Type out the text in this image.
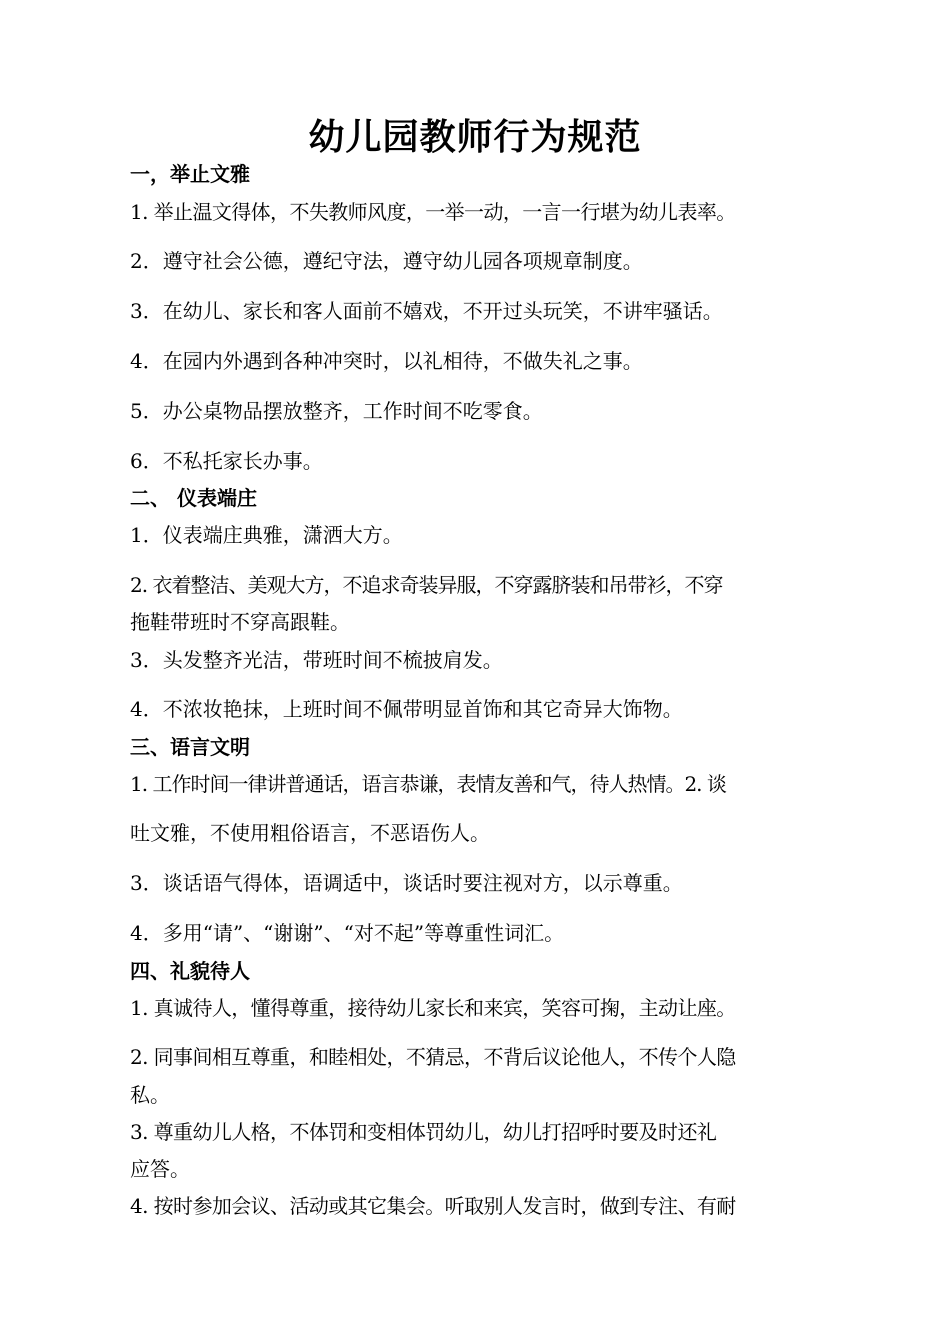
幼儿园教师行为规范
一，举止文雅
1. 举止温文得体，不失教师风度，一举一动，一言一行堪为幼儿表率。
2．遵守社会公德，遵纪守法，遵守幼儿园各项规章制度。
3．在幼儿、家长和客人面前不嬉戏，不开过头玩笑，不讲牢骚话。
4．在园内外遇到各种冲突时，以礼相待，不做失礼之事。
5．办公桌物品摆放整齐，工作时间不吃零食。
6．不私托家长办事。
二、 仪表端庄
1．仪表端庄典雅，潇洒大方。
2. 衣着整洁、美观大方，不追求奇装异服，不穿露脐装和吊带衫，不穿
拖鞋带班时不穿高跟鞋。
3．头发整齐光洁，带班时间不梳披肩发。
4．不浓妆艳抹，上班时间不佩带明显首饰和其它奇异大饰物。
三、语言文明
1. 工作时间一律讲普通话，语言恭谦，表情友善和气，待人热情。2. 谈
吐文雅，不使用粗俗语言，不恶语伤人。
3．谈话语气得体，语调适中，谈话时要注视对方，以示尊重。
4．多用“请”、“谢谢”、“对不起”等尊重性词汇。
四、礼貌待人
1. 真诚待人，懂得尊重，接待幼儿家长和来宾，笑容可掬，主动让座。
2. 同事间相互尊重，和睦相处，不猜忌，不背后议论他人，不传个人隐
私。
3. 尊重幼儿人格，不体罚和变相体罚幼儿，幼儿打招呼时要及时还礼
应答。
4. 按时参加会议、活动或其它集会。听取别人发言时，做到专注、有耐
